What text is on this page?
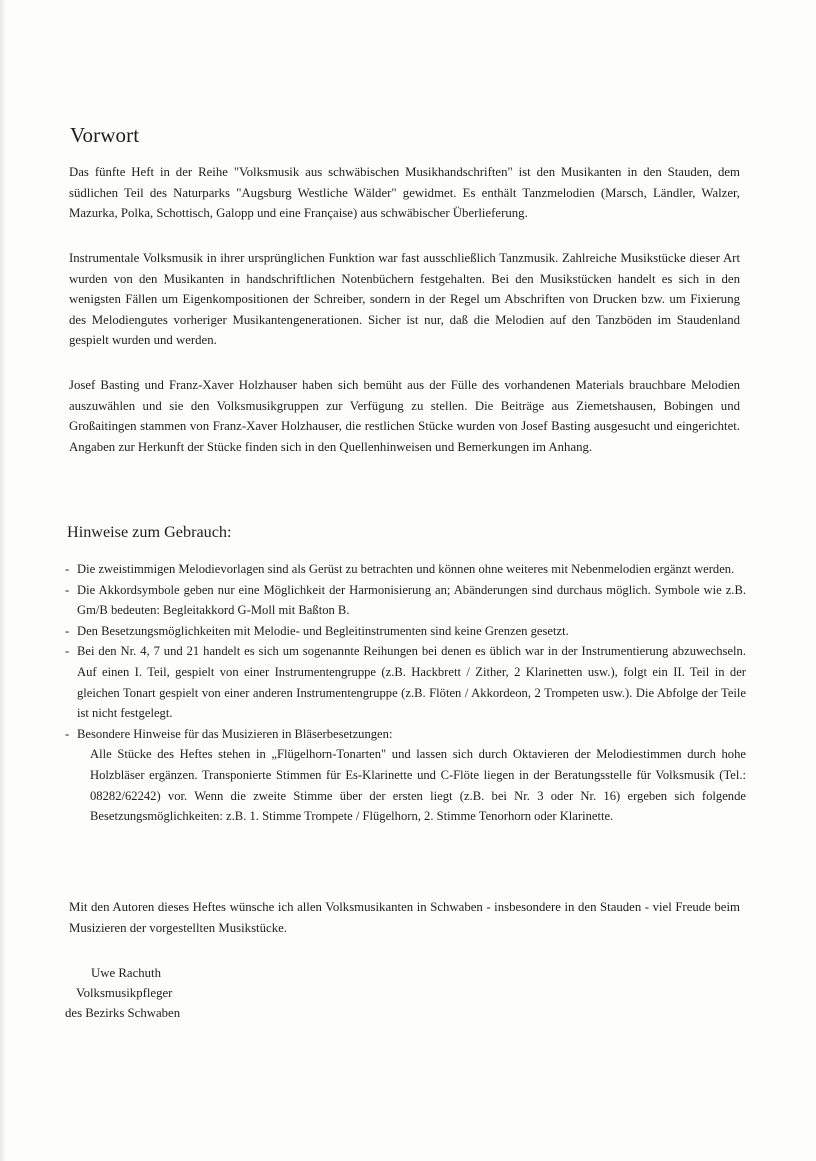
Vorwort

Das fünfte Heft in der Reihe "Volksmusik aus schwäbischen Musikhandschriften" ist den Musikanten in den Stauden, dem südlichen Teil des Naturparks "Augsburg Westliche Wälder" gewidmet. Es enthält Tanzmelodien (Marsch, Ländler, Walzer, Mazurka, Polka, Schottisch, Galopp und eine Française) aus schwäbischer Überlieferung.

Instrumentale Volksmusik in ihrer ursprünglichen Funktion war fast ausschließlich Tanzmusik. Zahlreiche Musikstücke dieser Art wurden von den Musikanten in handschriftlichen Notenbüchern festgehalten. Bei den Musikstücken handelt es sich in den wenigsten Fällen um Eigenkompositionen der Schreiber, sondern in der Regel um Abschriften von Drucken bzw. um Fixierung des Melodiengutes vorheriger Musikantengenerationen. Sicher ist nur, daß die Melodien auf den Tanzböden im Staudenland gespielt wurden und werden.

Josef Basting und Franz-Xaver Holzhauser haben sich bemüht aus der Fülle des vorhandenen Materials brauchbare Melodien auszuwählen und sie den Volksmusikgruppen zur Verfügung zu stellen. Die Beiträge aus Ziemetshausen, Bobingen und Großaitingen stammen von Franz-Xaver Holzhauser, die restlichen Stücke wurden von Josef Basting ausgesucht und eingerichtet. Angaben zur Herkunft der Stücke finden sich in den Quellenhinweisen und Bemerkungen im Anhang.

Hinweise zum Gebrauch:
- Die zweistimmigen Melodievorlagen sind als Gerüst zu betrachten und können ohne weiteres mit Nebenmelodien ergänzt werden.
- Die Akkordsymbole geben nur eine Möglichkeit der Harmonisierung an; Abänderungen sind durchaus möglich. Symbole wie z.B. Gm/B bedeuten: Begleitakkord G-Moll mit Baßton B.
- Den Besetzungsmöglichkeiten mit Melodie- und Begleitinstrumenten sind keine Grenzen gesetzt.
- Bei den Nr. 4, 7 und 21 handelt es sich um sogenannte Reihungen bei denen es üblich war in der Instrumentierung abzuwechseln. Auf einen I. Teil, gespielt von einer Instrumentengruppe (z.B. Hackbrett / Zither, 2 Klarinetten usw.), folgt ein II. Teil in der gleichen Tonart gespielt von einer anderen Instrumentengruppe (z.B. Flöten / Akkordeon, 2 Trompeten usw.). Die Abfolge der Teile ist nicht festgelegt.
- Besondere Hinweise für das Musizieren in Bläserbesetzungen:
Alle Stücke des Heftes stehen in „Flügelhorn-Tonarten" und lassen sich durch Oktavieren der Melodiestimmen durch hohe Holzbläser ergänzen. Transponierte Stimmen für Es-Klarinette und C-Flöte liegen in der Beratungsstelle für Volksmusik (Tel.: 08282/62242) vor. Wenn die zweite Stimme über der ersten liegt (z.B. bei Nr. 3 oder Nr. 16) ergeben sich folgende Besetzungsmöglichkeiten: z.B. 1. Stimme Trompete / Flügelhorn, 2. Stimme Tenorhorn oder Klarinette.

Mit den Autoren dieses Heftes wünsche ich allen Volksmusikanten in Schwaben - insbesondere in den Stauden - viel Freude beim Musizieren der vorgestellten Musikstücke.

Uwe Rachuth
Volksmusikpfleger
des Bezirks Schwaben
